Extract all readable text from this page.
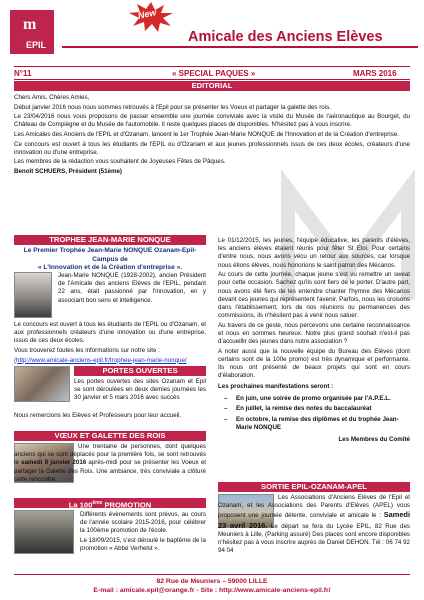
m
EPIL
New
Amicale des Anciens Elèves
N°11	« SPECIAL PAQUES »	MARS 2016
EDITORIAL

Chers Amis, Chères Amies,

Début janvier 2016 nous nous sommes retrouvés à l'Epil pour se présenter les Voeux et partager la galette des rois.

Le 23/04/2016 nous vous proposons de passer ensemble une journée conviviale avec la visite du Musée de l'aéronautique au Bourget, du Château de Compiègne et du Musée de l'automobile. Il reste quelques places de disponibles. N'hésitez pas à vous inscrire.

Les Amicales des Anciens de l'EPIL et d'Ozanam, lancent le 1er Trophée Jean-Marie NONQUE de l'Innovation et de la Création d'entreprise.

Ce concours est ouvert à tous les étudiants de l'EPIL ou d'Ozanam et aux jeunes professionnels issus de ces deux écoles, créateurs d'une innovation ou d'une entreprise.

Les membres de la rédaction vous souhaitent de Joyeuses Fêtes de Pâques.

Benoît SCHUERS, Président (51ème)

TROPHEE JEAN-MARIE NONQUE
Le Premier Trophée Jean-Marie NONQUE Ozanam-Epil-Campus de
« L'Innovation et de la Création d'entreprise ».

Jean-Marie NONQUE (1928-2002), ancien Président de l'Amicale des anciens Elèves de l'EPIL, pendant 22 ans, était passionné par l'innovation, en y associant bon sens et intelligence.

Le concours est ouvert à tous les étudiants de l'EPIL ou d'Ozanam, et aux professionnels créateurs d'une innovation ou d'une entreprise, issus de ces deux écoles.

Vous trouverez toutes les informations sur notre site :

(http://www.amicale-anciens-epil.fr/trophee-jean-marie-nonque/

PORTES OUVERTES

Les portes ouvertes des sites Ozanam et Epil se sont déroulées en deux demies journées les 30 janvier et 5 mars 2016 avec succès

Nous remercions les Elèves et Professeurs pour leur accueil.

VŒUX ET GALETTE DES ROIS

Une trentaine de personnes, dont quelques anciens qui se sont déplacés pour la première fois, se sont retrouvés le samedi 9 janvier 2016 après-midi pour se présenter les Voeux et partager la Galette des Rois. Une ambiance, très conviviale a clôturé cette rencontre.

La 100ème PROMOTION

Différents évènements sont prévus, au cours de l'année scolaire 2015-2016, pour célébrer la 100ème promotion de l'école.

Le 18/09/2015, s'est déroulé le baptême de la promotion « Abbé Verhelst ».

Le 01/12/2015, les jeunes, l'équipe éducative, les parents d'élèves, les anciens élèves étaient réunis pour fêter St Eloi. Pour certains d'entre nous, nous avons vécu un retour aux sources, car lorsque nous étions élèves, nous honorions le saint patron des Mécanos.

Au cours de cette journée, chaque jeune s'est vu remettre un sweat pour cette occasion. Sachez qu'ils sont fiers de le porter. D'autre part, nous avons été fiers de les entendre chanter l'hymne des Mécanos devant ces jeunes qui représentent l'avenir. Parfois, nous les croisons dans l'établissement, lors de nos réunions ou permanences des commissions, ils n'hésitent pas à venir nous saluer.

Au travers de ce geste, nous percevons une certaine reconnaissance et nous en sommes heureux. Notre plus grand souhait n'est-il pas d'accueillir des jeunes dans notre association ?

A noter aussi que la nouvelle équipe du Bureau des Elèves (dont certains sont de la 100e promo) est très dynamique et performante. Ils nous ont présenté de beaux projets qui sont en cours d'élaboration.

Les prochaines manifestations seront :

– En juin, une soirée de promo organisée par l'A.P.E.L.
– En juillet, la remise des notes du baccalauréat
– En octobre, la remise des diplômes et du trophée Jean-Marie NONQUE

Les Membres du Comité

SORTIE EPIL-OZANAM-APEL

Les Associations d'Anciens Elèves de l'Epil et Ozanam, et les Associations des Parents d'Elèves (APEL) vous proposent une journée détente, conviviale et amicale le : Samedi 23 avril 2016. Le départ se fera du Lycée EPIL, 82 Rue des Meuniers à Lille, (Parking assuré) Des places sont encore disponibles n'hésitez pas à vous inscrire auprès de Daniel DEHON. Tél : 06 74 92 94 04

82 Rue de Meuniers – 59000 LILLE
E-mail : amicale.epil@orange.fr - Site : http://www.amicale-anciens-epil.fr/
